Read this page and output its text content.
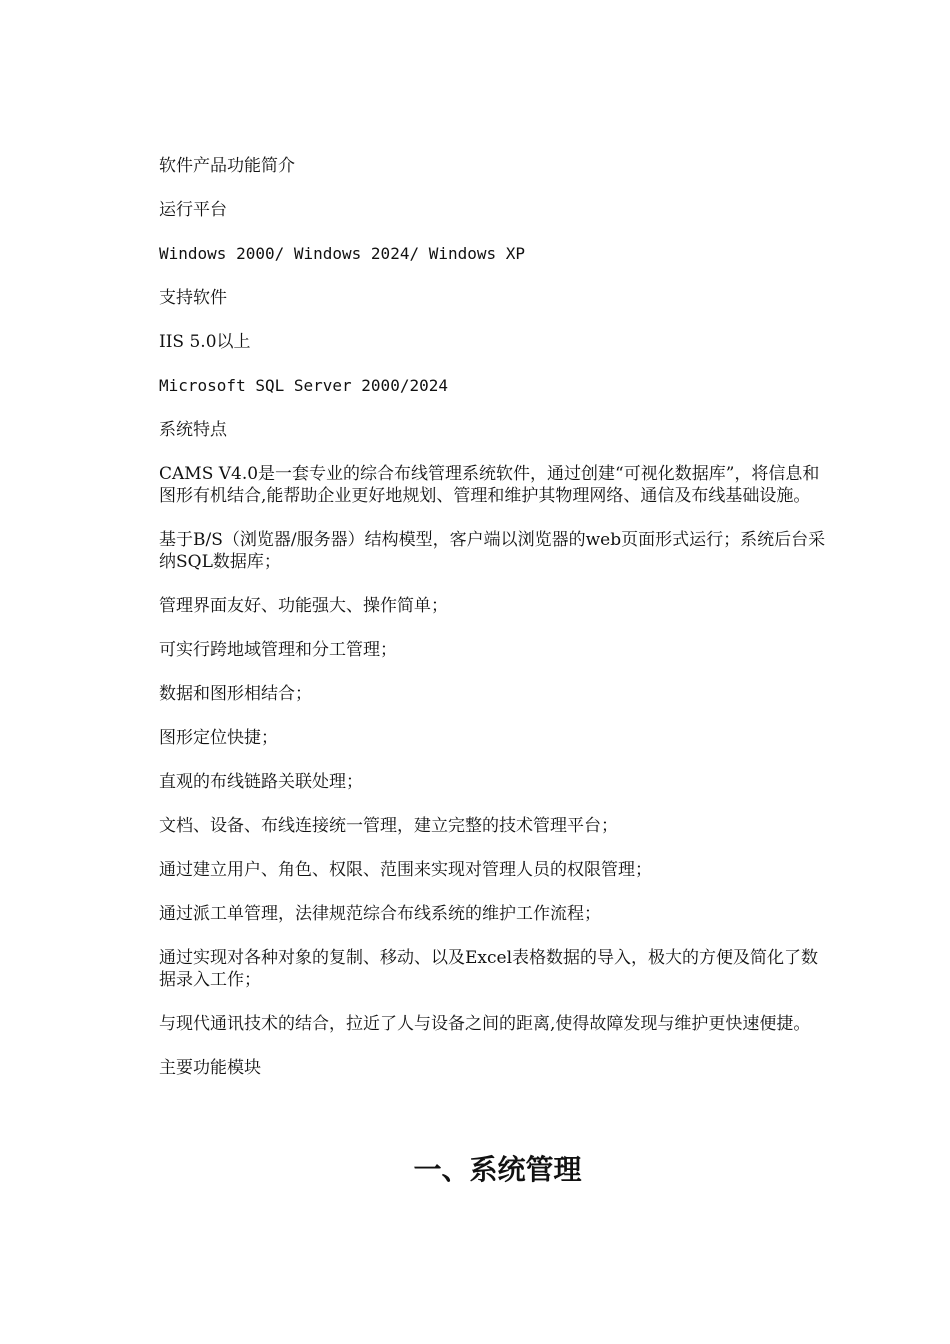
软件产品功能简介

运行平台

Windows 2000/ Windows 2024/ Windows XP

支持软件

IIS 5.0以上

Microsoft SQL Server 2000/2024

系统特点

CAMS V4.0是一套专业的综合布线管理系统软件，通过创建“可视化数据库”，将信息和图形有机结合,能帮助企业更好地规划、管理和维护其物理网络、通信及布线基础设施。

基于B/S（浏览器/服务器）结构模型，客户端以浏览器的web页面形式运行；系统后台采纳SQL数据库；

管理界面友好、功能强大、操作简单；

可实行跨地域管理和分工管理；

数据和图形相结合；

图形定位快捷；

直观的布线链路关联处理；

文档、设备、布线连接统一管理，建立完整的技术管理平台；

通过建立用户、角色、权限、范围来实现对管理人员的权限管理；

通过派工单管理，法律规范综合布线系统的维护工作流程；

通过实现对各种对象的复制、移动、以及Excel表格数据的导入，极大的方便及简化了数据录入工作；

与现代通讯技术的结合，拉近了人与设备之间的距离,使得故障发现与维护更快速便捷。

主要功能模块

一、系统管理
